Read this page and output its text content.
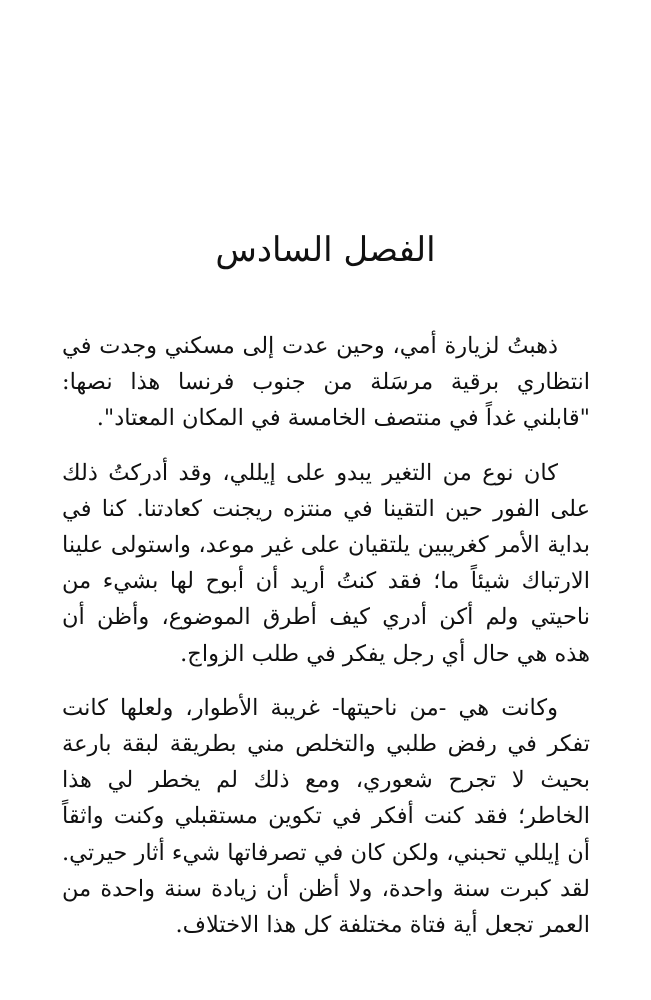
الفصل السادس

ذهبتُ لزيارة أمي، وحين عدت إلى مسكني وجدت في انتظاري برقية مرسَلة من جنوب فرنسا هذا نصها: "قابلني غداً في منتصف الخامسة في المكان المعتاد".

كان نوع من التغير يبدو على إيللي، وقد أدركتُ ذلك على الفور حين التقينا في منتزه ريجنت كعادتنا. كنا في بداية الأمر كغريبين يلتقيان على غير موعد، واستولى علينا الارتباك شيئاً ما؛ فقد كنتُ أريد أن أبوح لها بشيء من ناحيتي ولم أكن أدري كيف أطرق الموضوع، وأظن أن هذه هي حال أي رجل يفكر في طلب الزواج.

وكانت هي -من ناحيتها- غريبة الأطوار، ولعلها كانت تفكر في رفض طلبي والتخلص مني بطريقة لبقة بارعة بحيث لا تجرح شعوري، ومع ذلك لم يخطر لي هذا الخاطر؛ فقد كنت أفكر في تكوين مستقبلي وكنت واثقاً أن إيللي تحبني، ولكن كان في تصرفاتها شيء أثار حيرتي. لقد كبرت سنة واحدة، ولا أظن أن زيادة سنة واحدة من العمر تجعل أية فتاة مختلفة كل هذا الاختلاف.
